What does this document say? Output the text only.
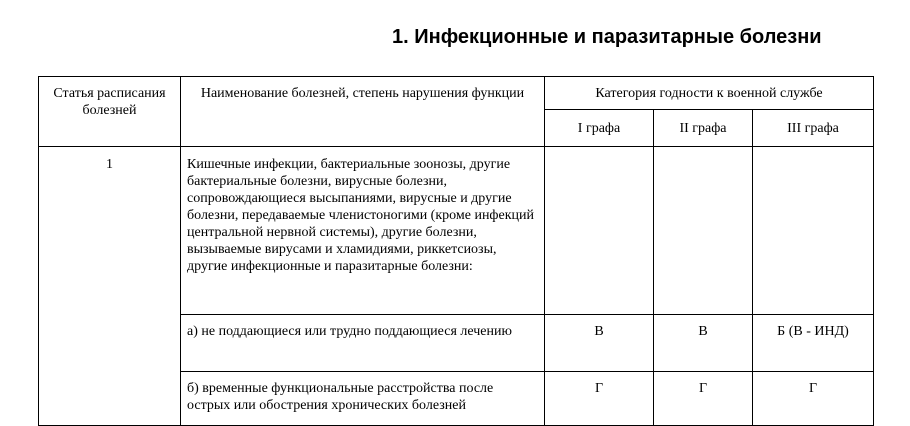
1. Инфекционные и паразитарные болезни
Статья расписания болезней	Наименование болезней, степень нарушения функции	Категория годности к военной службе		
		I графа	II графа	III графа
1	Кишечные инфекции, бактериальные зоонозы, другие бактериальные болезни, вирусные болезни, сопровождающиеся высыпаниями, вирусные и другие болезни, передаваемые членистоногими (кроме инфекций центральной нервной системы), другие болезни, вызываемые вирусами и хламидиями, риккетсиозы, другие инфекционные и паразитарные болезни:			
	а) не поддающиеся или трудно поддающиеся лечению	В	В	Б (В - ИНД)
	б) временные функциональные расстройства после острых или обострения хронических болезней	Г	Г	Г
